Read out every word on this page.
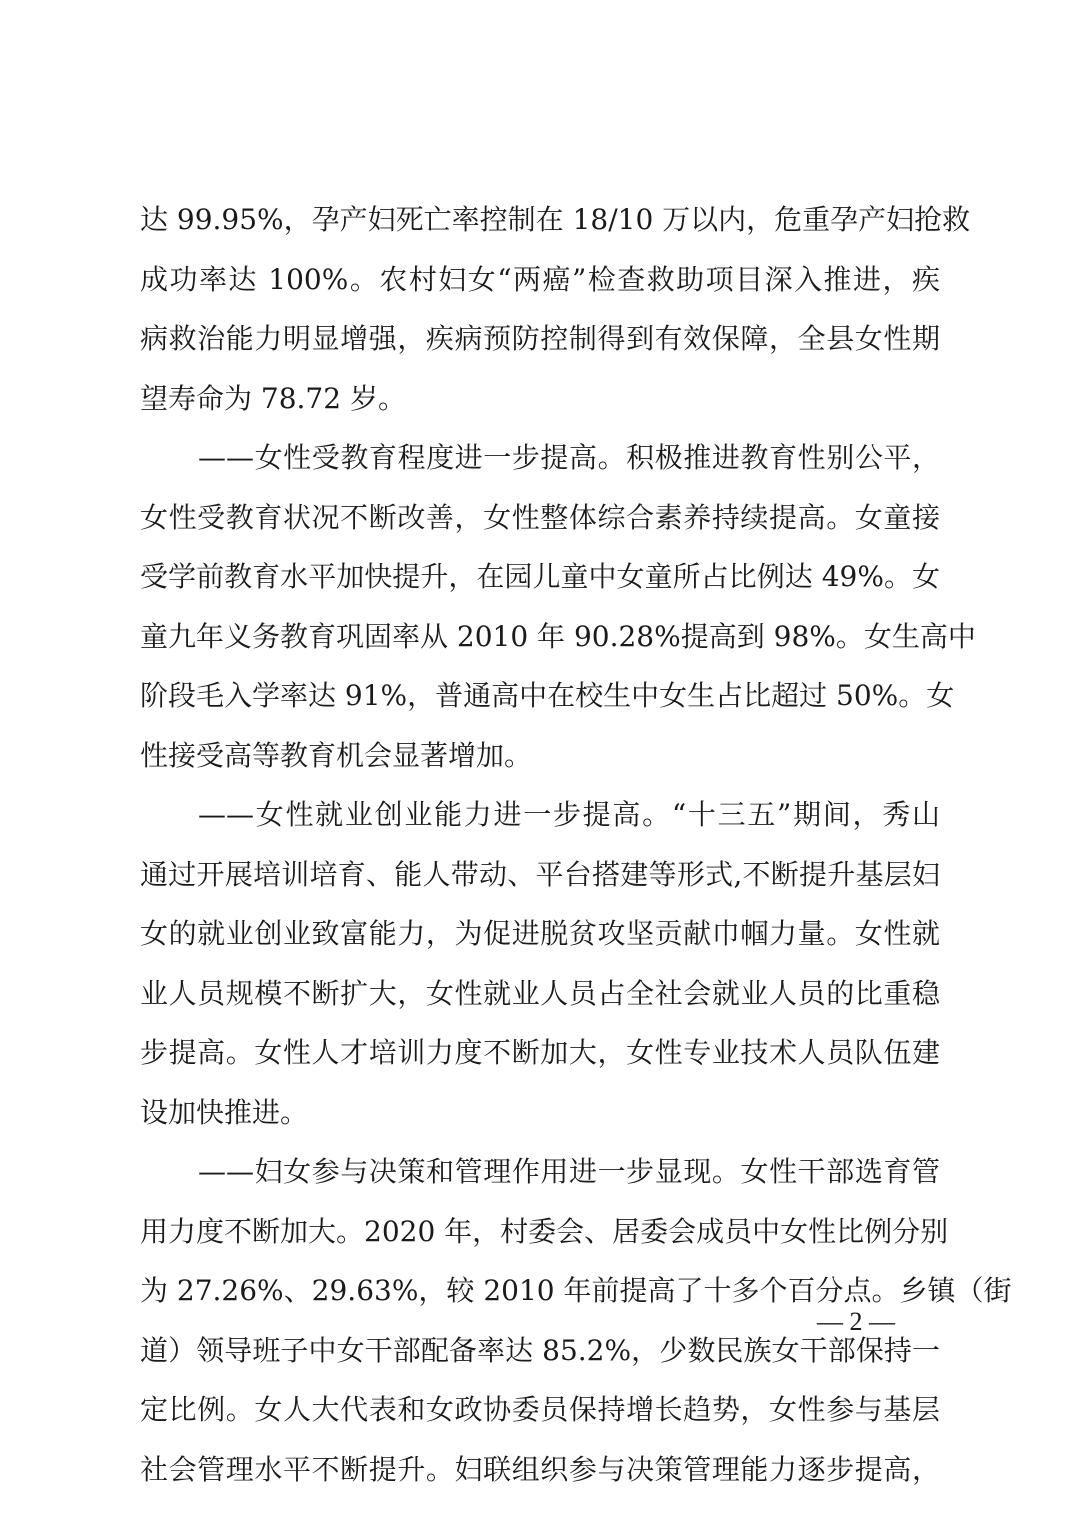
达 99.95%，孕产妇死亡率控制在 18/10 万以内，危重孕产妇抢救
成功率达 100%。农村妇女“两癌”检查救助项目深入推进，疾
病救治能力明显增强，疾病预防控制得到有效保障，全县女性期
望寿命为 78.72 岁。
——女性受教育程度进一步提高。积极推进教育性别公平，
女性受教育状况不断改善，女性整体综合素养持续提高。女童接
受学前教育水平加快提升，在园儿童中女童所占比例达 49%。女
童九年义务教育巩固率从 2010 年 90.28%提高到 98%。女生高中
阶段毛入学率达 91%，普通高中在校生中女生占比超过 50%。女
性接受高等教育机会显著增加。
——女性就业创业能力进一步提高。“十三五”期间，秀山
通过开展培训培育、能人带动、平台搭建等形式,不断提升基层妇
女的就业创业致富能力，为促进脱贫攻坚贡献巾帼力量。女性就
业人员规模不断扩大，女性就业人员占全社会就业人员的比重稳
步提高。女性人才培训力度不断加大，女性专业技术人员队伍建
设加快推进。
——妇女参与决策和管理作用进一步显现。女性干部选育管
用力度不断加大。2020 年，村委会、居委会成员中女性比例分别
为 27.26%、29.63%，较 2010 年前提高了十多个百分点。乡镇（街
道）领导班子中女干部配备率达 85.2%，少数民族女干部保持一
定比例。女人大代表和女政协委员保持增长趋势，女性参与基层
社会管理水平不断提升。妇联组织参与决策管理能力逐步提高，
— 2 —
